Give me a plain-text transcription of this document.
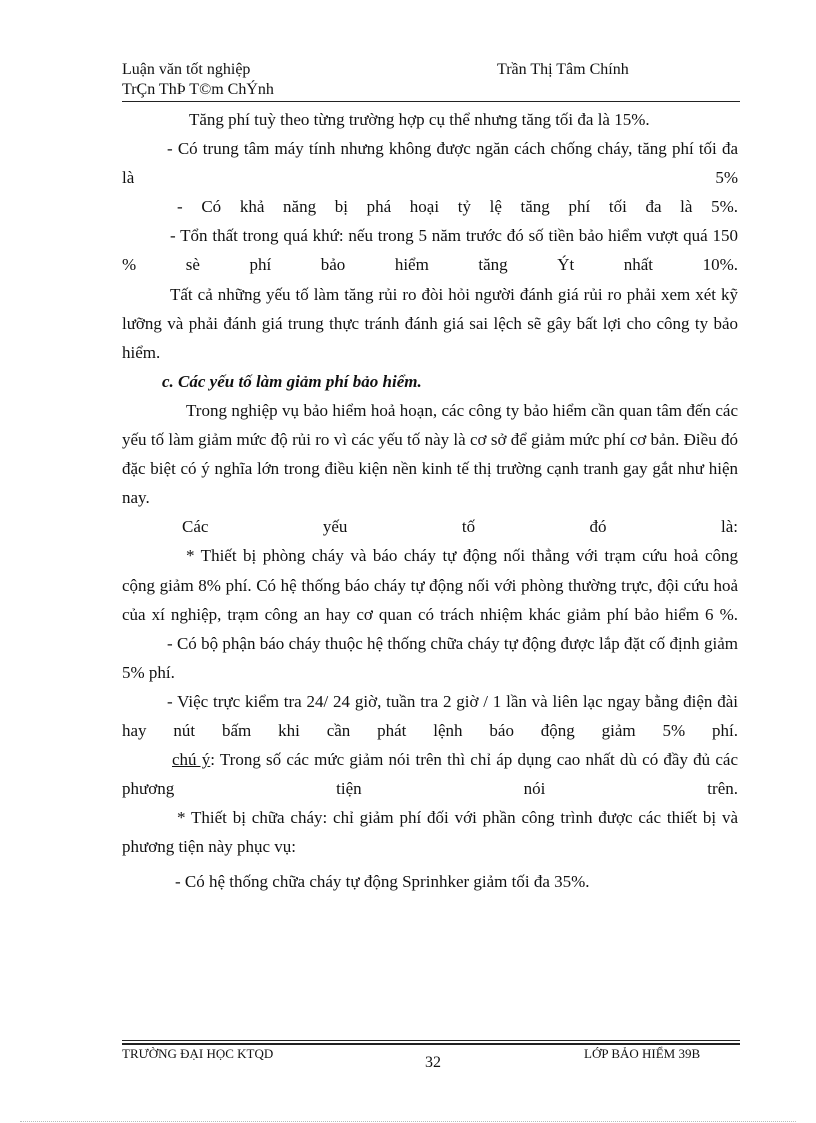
Luận văn tốt nghiệp	Trần Thị Tâm Chính
TrÇn ThÞ T©m ChÝnh

Tăng phí tuỳ theo từng trường hợp cụ thể nhưng tăng tối đa là 15%.

- Có trung tâm máy tính nhưng không được ngăn cách chống cháy, tăng phí tối đa là 5%

- Có khả năng bị phá hoại tỷ lệ tăng phí tối đa là 5%.

- Tổn thất trong quá khứ: nếu trong 5 năm trước đó số tiền bảo hiểm vượt quá 150 % sè phí bảo hiểm tăng Ýt nhất 10%.

Tất cả những yếu tố làm tăng rủi ro đòi hỏi người đánh giá rủi ro phải xem xét kỹ lưỡng và phải đánh giá trung thực tránh đánh giá sai lệch sẽ gây bất lợi cho công ty bảo hiểm.

c. Các yếu tố làm giảm phí bảo hiểm.

Trong nghiệp vụ bảo hiểm hoả hoạn, các công ty bảo hiểm cần quan tâm đến các yếu tố làm giảm mức độ rủi ro vì các yếu tố này là cơ sở để giảm mức phí cơ bản. Điều đó đặc biệt có ý nghĩa lớn trong điều kiện nền kinh tế thị trường cạnh tranh gay gắt như hiện nay.

Các yếu tố đó là:

* Thiết bị phòng cháy và báo cháy tự động nối thẳng với trạm cứu hoả công cộng giảm 8% phí. Có hệ thống báo cháy tự động nối với phòng thường trực, đội cứu hoả của xí nghiệp, trạm công an hay cơ quan có trách nhiệm khác giảm phí bảo hiểm 6 %.

- Có bộ phận báo cháy thuộc hệ thống chữa cháy tự động được lắp đặt cố định giảm 5% phí.

- Việc trực kiểm tra 24/ 24 giờ, tuần tra 2 giờ / 1 lần và liên lạc ngay bằng điện đài hay nút bấm khi cần phát lệnh báo động giảm 5% phí.

chú ý: Trong số các mức giảm nói trên thì chỉ áp dụng cao nhất dù có đầy đủ các phương tiện nói trên.

* Thiết bị chữa cháy: chỉ giảm phí đối với phần công trình được các thiết bị và phương tiện này phục vụ:

- Có hệ thống chữa cháy tự động Sprinhker giảm tối đa 35%.

TRƯỜNG ĐẠI HỌC KTQD	LỚP BẢO HIỂM 39B
32
